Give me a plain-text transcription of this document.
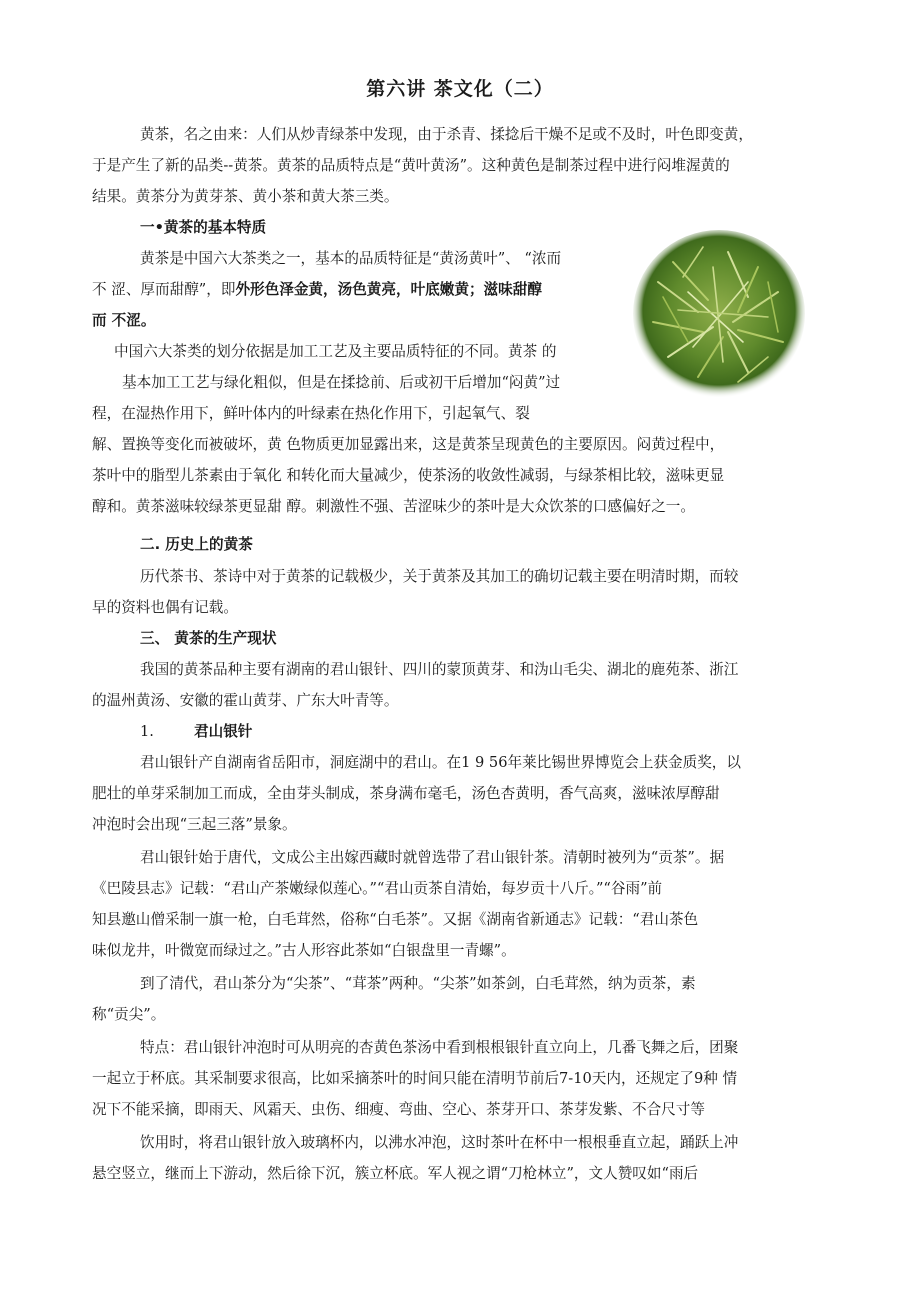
第六讲 茶文化（二）
黄茶，名之由来：人们从炒青绿茶中发现，由于杀青、揉捻后干燥不足或不及时，叶色即变黄，
于是产生了新的品类--黄茶。黄茶的品质特点是“黄叶黄汤”。这种黄色是制茶过程中进行闷堆渥黄的
结果。黄茶分为黄芽茶、黄小茶和黄大茶三类。
一•黄茶的基本特质
黄茶是中国六大茶类之一，基本的品质特征是“黄汤黄叶”、 “浓而
不 涩、厚而甜醇”，即外形色泽金黄，汤色黄亮，叶底嫩黄；滋味甜醇
而 不涩。
中国六大茶类的划分依据是加工工艺及主要品质特征的不同。黄茶 的
基本加工工艺与绿化粗似，但是在揉捻前、后或初干后增加“闷黄”过
程，在湿热作用下，鲜叶体内的叶绿素在热化作用下，引起氧气、裂
解、置换等变化而被破坏，黄 色物质更加显露出来，这是黄茶呈现黄色的主要原因。闷黄过程中，
茶叶中的脂型儿茶素由于氧化 和转化而大量减少，使茶汤的收敛性减弱，与绿茶相比较，滋味更显
醇和。黄茶滋味较绿茶更显甜 醇。刺激性不强、苦涩味少的茶叶是大众饮茶的口感偏好之一。
二. 历史上的黄茶
历代茶书、茶诗中对于黄茶的记载极少，关于黄茶及其加工的确切记载主要在明清时期，而较
早的资料也偶有记载。
三、 黄茶的生产现状
我国的黄茶品种主要有湖南的君山银针、四川的蒙顶黄芽、和沩山毛尖、湖北的鹿苑茶、浙江
的温州黄汤、安徽的霍山黄芽、广东大叶青等。
1.	君山银针
君山银针产自湖南省岳阳市，洞庭湖中的君山。在1 9 56年莱比锡世界博览会上获金质奖，以
肥壮的单芽采制加工而成，全由芽头制成，茶身满布毫毛，汤色杏黄明，香气高爽，滋味浓厚醇甜
冲泡时会出现“三起三落”景象。
君山银针始于唐代，文成公主出嫁西藏时就曾选带了君山银针茶。清朝时被列为“贡茶”。据
《巴陵县志》记载：“君山产茶嫩绿似莲心。”“君山贡茶自清始，每岁贡十八斤。”“谷雨”前
知县邀山僧采制一旗一枪，白毛茸然，俗称“白毛茶”。又据《湖南省新通志》记载：“君山茶色
味似龙井，叶微宽而绿过之。”古人形容此茶如“白银盘里一青螺”。
到了清代，君山茶分为“尖茶”、“茸茶”两种。“尖茶”如茶剑，白毛茸然，纳为贡茶，素
称“贡尖”。
特点：君山银针冲泡时可从明亮的杏黄色茶汤中看到根根银针直立向上，几番飞舞之后，团聚
一起立于杯底。其采制要求很高，比如采摘茶叶的时间只能在清明节前后7-10天内，还规定了9种 情
况下不能采摘，即雨天、风霜天、虫伤、细瘦、弯曲、空心、茶芽开口、茶芽发紫、不合尺寸等
饮用时，将君山银针放入玻璃杯内，以沸水冲泡，这时茶叶在杯中一根根垂直立起，踊跃上冲
悬空竖立，继而上下游动，然后徐下沉，簇立杯底。军人视之谓“刀枪林立”，文人赞叹如“雨后
